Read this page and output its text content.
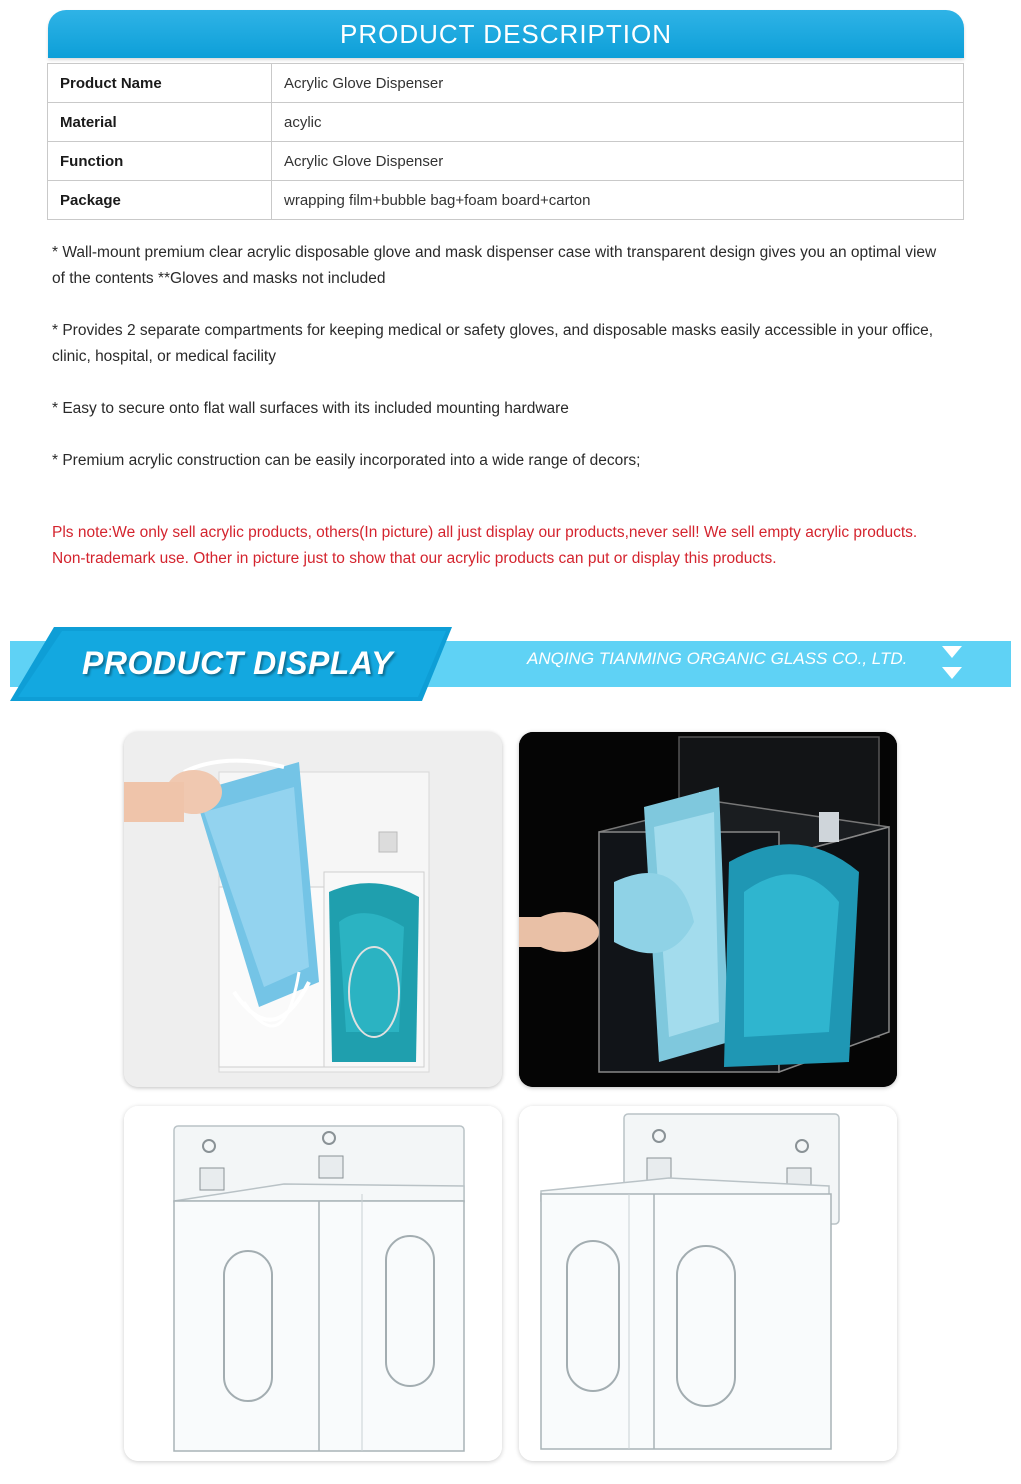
PRODUCT DESCRIPTION
Product Name	Acrylic Glove Dispenser
Material	acylic
Function	Acrylic Glove Dispenser
Package	wrapping film+bubble bag+foam board+carton

* Wall-mount premium clear acrylic disposable glove and mask dispenser case with transparent design gives you an optimal view of the contents **Gloves and masks not included

* Provides 2 separate compartments for keeping medical or safety gloves, and disposable masks easily accessible in your office, clinic, hospital, or medical facility

* Easy to secure onto flat wall surfaces with its included mounting hardware

* Premium acrylic construction can be easily incorporated into a wide range of decors;

Pls note:We only sell acrylic products, others(In picture) all just display our products,never sell! We sell empty acrylic products.

Non-trademark use. Other in picture just to show that our acrylic products can put or display this products.

PRODUCT DISPLAY	ANQING TIANMING ORGANIC GLASS CO., LTD.
